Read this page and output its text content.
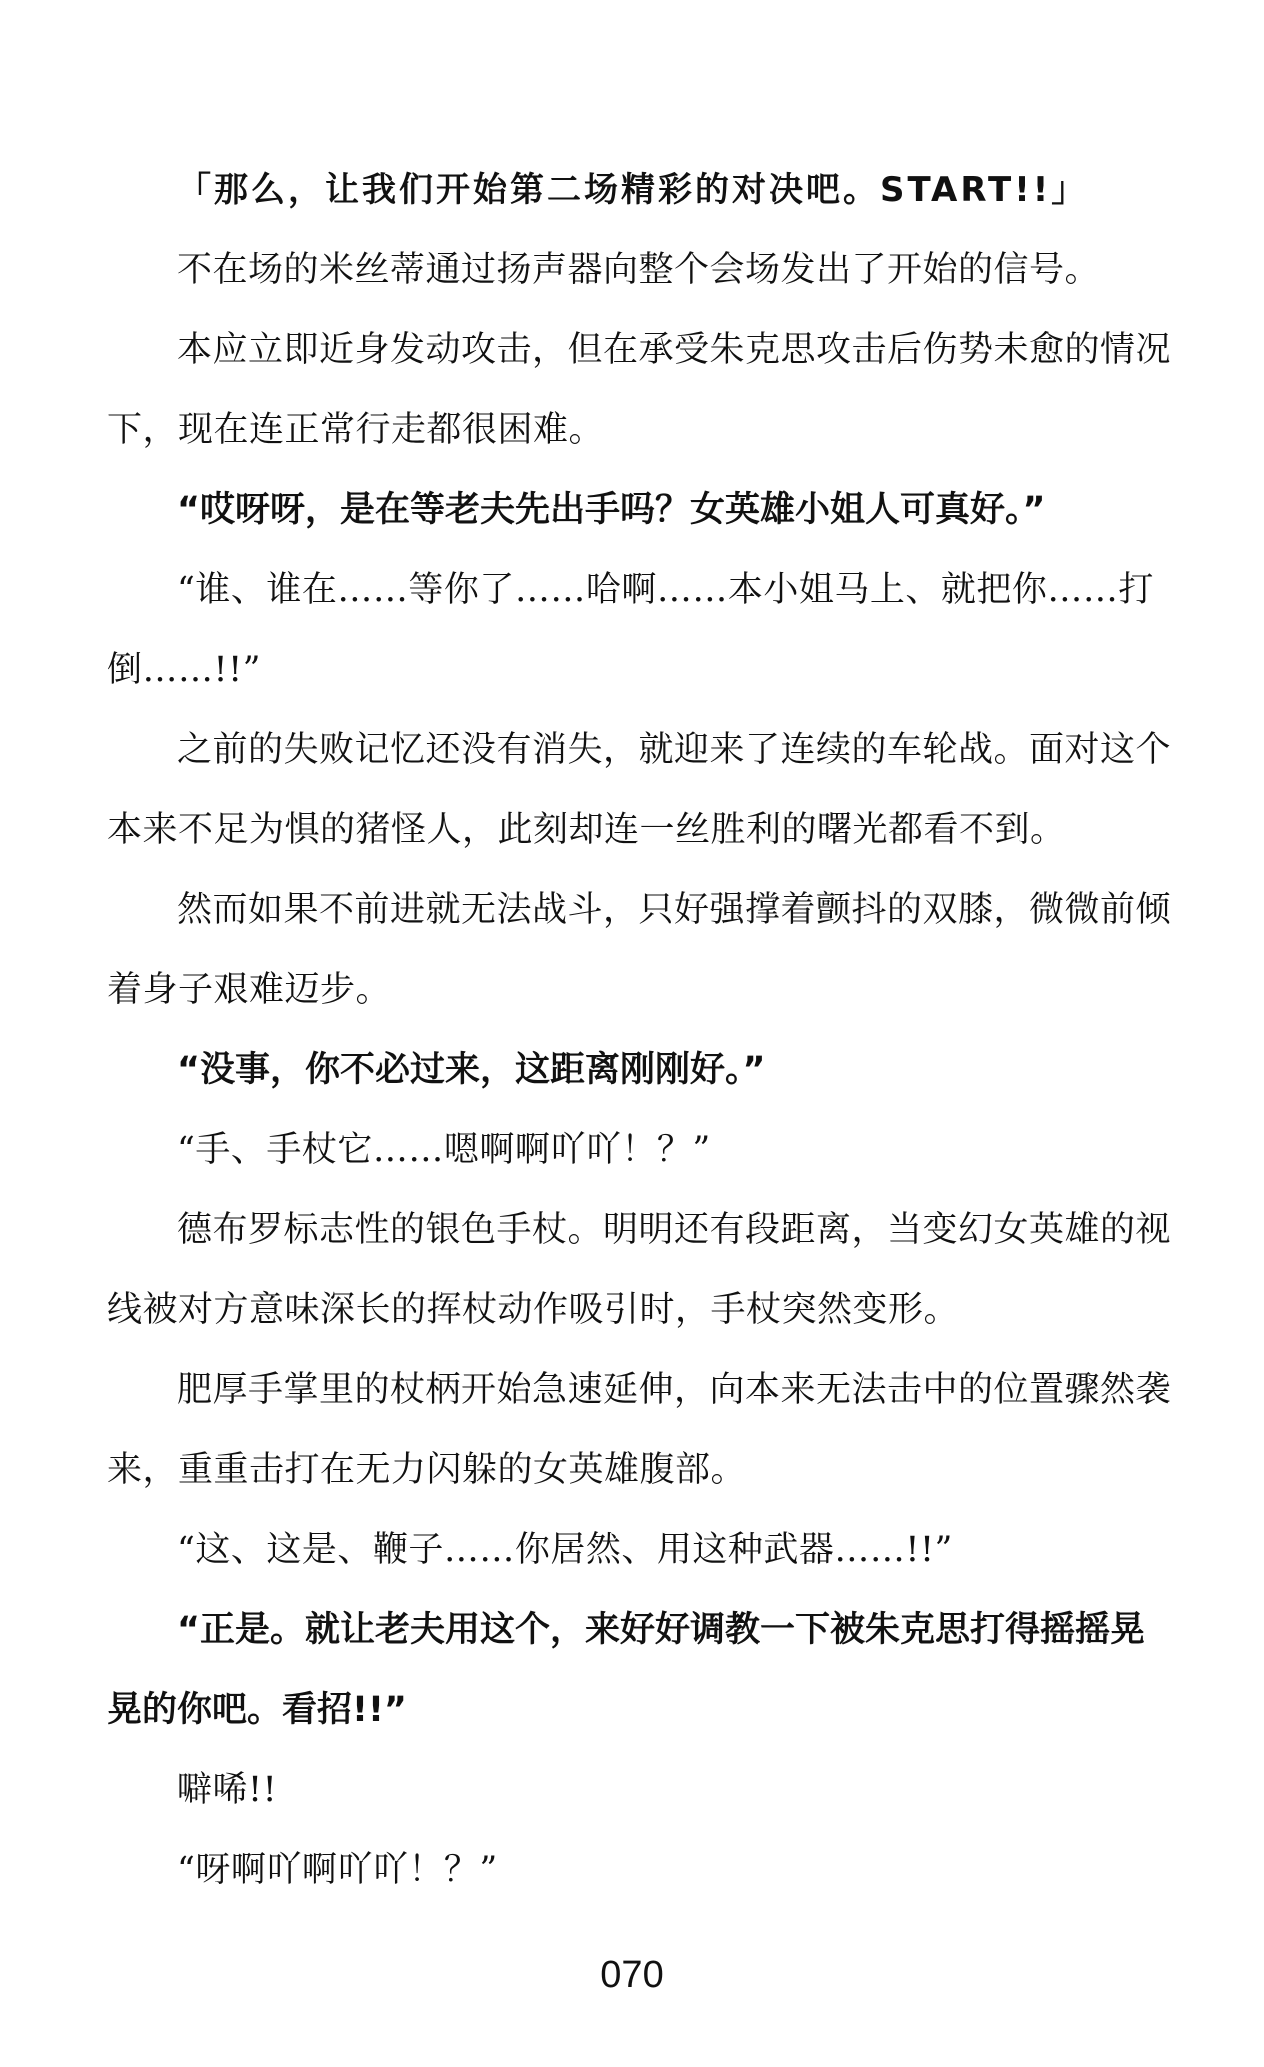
「那么，让我们开始第二场精彩的对决吧。START!!」
不在场的米丝蒂通过扬声器向整个会场发出了开始的信号。
本应立即近身发动攻击，但在承受朱克思攻击后伤势未愈的情况
下，现在连正常行走都很困难。
“哎呀呀，是在等老夫先出手吗？女英雄小姐人可真好。”
“谁、谁在……等你了……哈啊……本小姐马上、就把你……打
倒……!!”
之前的失败记忆还没有消失，就迎来了连续的车轮战。面对这个
本来不足为惧的猪怪人，此刻却连一丝胜利的曙光都看不到。
然而如果不前进就无法战斗，只好强撑着颤抖的双膝，微微前倾
着身子艰难迈步。
“没事，你不必过来，这距离刚刚好。”
“手、手杖它……嗯啊啊吖吖！？”
德布罗标志性的银色手杖。明明还有段距离，当变幻女英雄的视
线被对方意味深长的挥杖动作吸引时，手杖突然变形。
肥厚手掌里的杖柄开始急速延伸，向本来无法击中的位置骤然袭
来，重重击打在无力闪躲的女英雄腹部。
“这、这是、鞭子……你居然、用这种武器……!!”
“正是。就让老夫用这个，来好好调教一下被朱克思打得摇摇晃
晃的你吧。看招!!”
噼唏!!
“呀啊吖啊吖吖！？”
070
